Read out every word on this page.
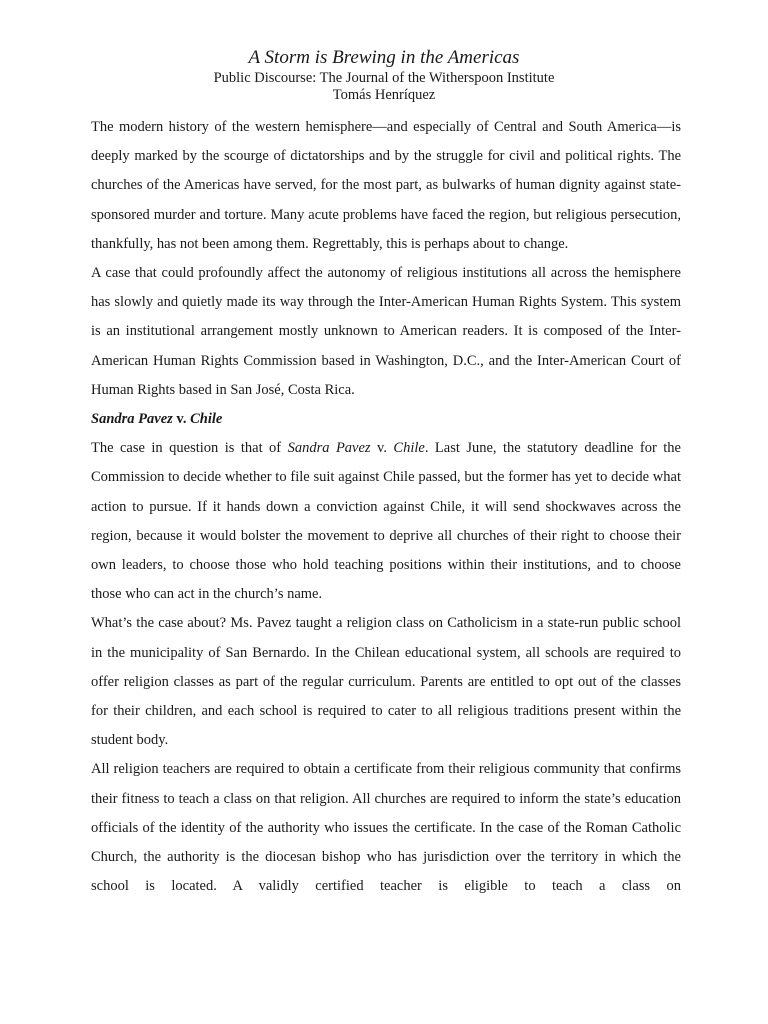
A Storm is Brewing in the Americas

Public Discourse: The Journal of the Witherspoon Institute

Tomás Henríquez

The modern history of the western hemisphere—and especially of Central and South America—is deeply marked by the scourge of dictatorships and by the struggle for civil and political rights. The churches of the Americas have served, for the most part, as bulwarks of human dignity against state-sponsored murder and torture. Many acute problems have faced the region, but religious persecution, thankfully, has not been among them. Regrettably, this is perhaps about to change.

A case that could profoundly affect the autonomy of religious institutions all across the hemisphere has slowly and quietly made its way through the Inter-American Human Rights System. This system is an institutional arrangement mostly unknown to American readers. It is composed of the Inter-American Human Rights Commission based in Washington, D.C., and the Inter-American Court of Human Rights based in San José, Costa Rica.

Sandra Pavez v. Chile

The case in question is that of Sandra Pavez v. Chile. Last June, the statutory deadline for the Commission to decide whether to file suit against Chile passed, but the former has yet to decide what action to pursue. If it hands down a conviction against Chile, it will send shockwaves across the region, because it would bolster the movement to deprive all churches of their right to choose their own leaders, to choose those who hold teaching positions within their institutions, and to choose those who can act in the church’s name.

What’s the case about? Ms. Pavez taught a religion class on Catholicism in a state-run public school in the municipality of San Bernardo. In the Chilean educational system, all schools are required to offer religion classes as part of the regular curriculum. Parents are entitled to opt out of the classes for their children, and each school is required to cater to all religious traditions present within the student body.

All religion teachers are required to obtain a certificate from their religious community that confirms their fitness to teach a class on that religion. All churches are required to inform the state’s education officials of the identity of the authority who issues the certificate. In the case of the Roman Catholic Church, the authority is the diocesan bishop who has jurisdiction over the territory in which the school is located. A validly certified teacher is eligible to teach a class on
